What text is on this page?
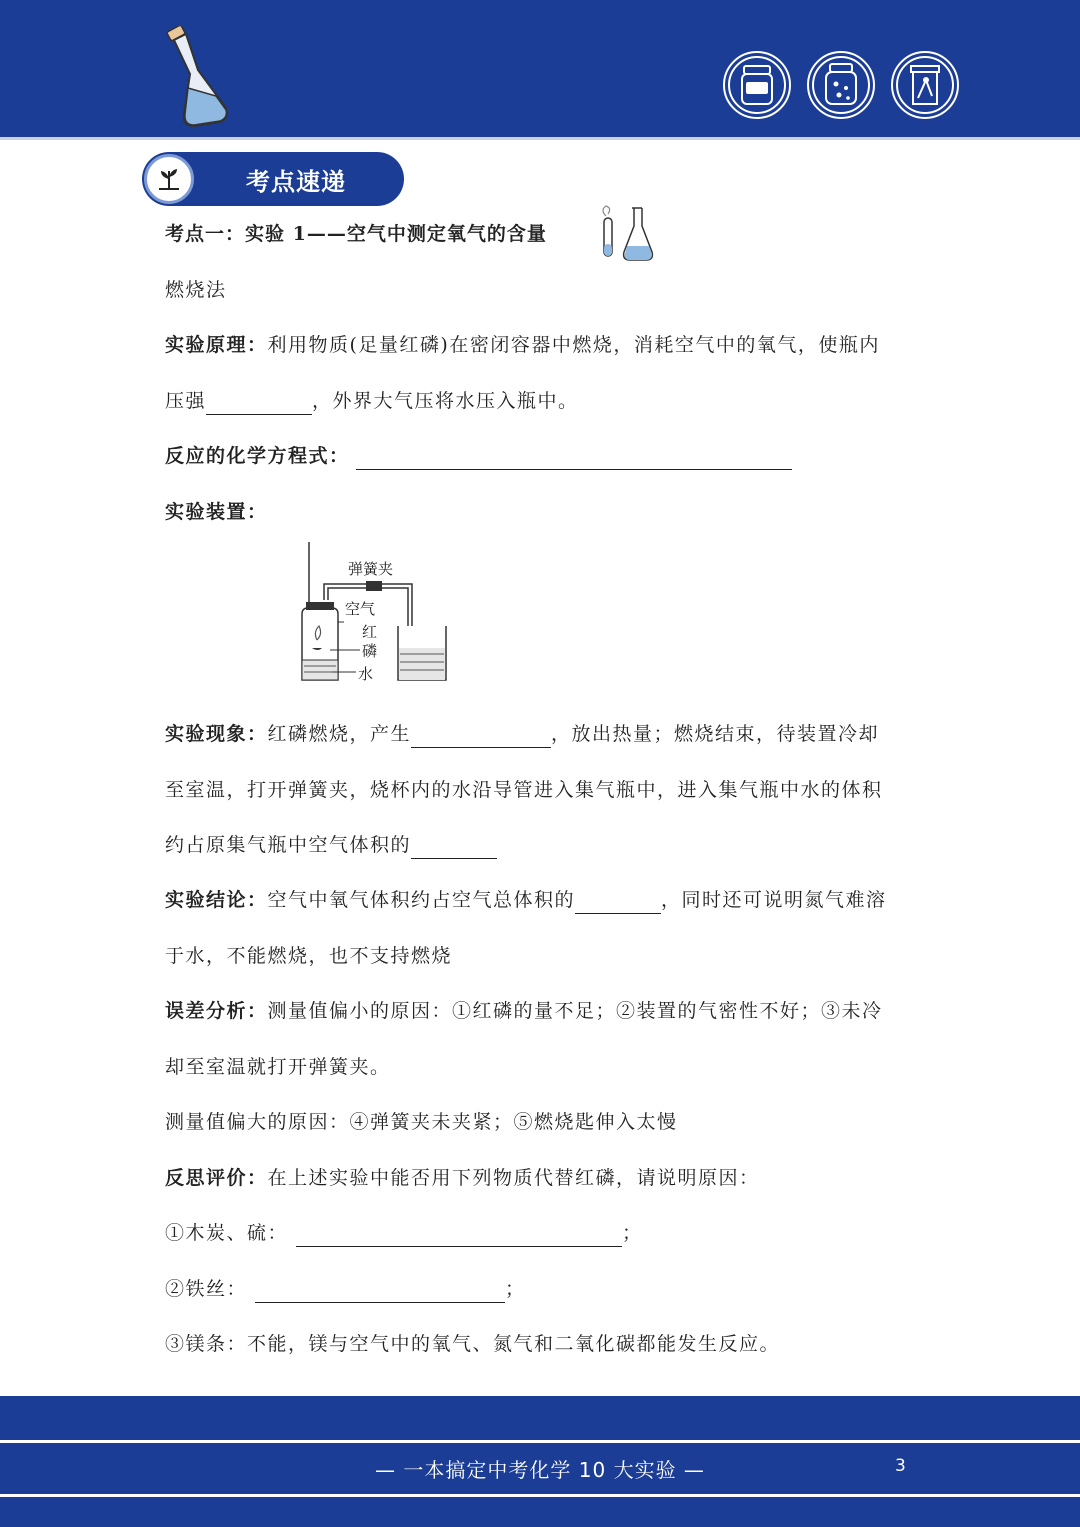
考点速递
考点一：实验 1——空气中测定氧气的含量
燃烧法
实验原理：利用物质(足量红磷)在密闭容器中燃烧，消耗空气中的氧气，使瓶内
压强	，外界大气压将水压入瓶中。
反应的化学方程式：
实验装置：
弹簧夹
空气
红
磷
水
实验现象：红磷燃烧，产生	，放出热量；燃烧结束，待装置冷却
至室温，打开弹簧夹，烧杯内的水沿导管进入集气瓶中，进入集气瓶中水的体积
约占原集气瓶中空气体积的
实验结论：空气中氧气体积约占空气总体积的	，同时还可说明氮气难溶
于水，不能燃烧，也不支持燃烧
误差分析：测量值偏小的原因：①红磷的量不足；②装置的气密性不好；③未冷
却至室温就打开弹簧夹。
测量值偏大的原因：④弹簧夹未夹紧；⑤燃烧匙伸入太慢
反思评价：在上述实验中能否用下列物质代替红磷，请说明原因：
①木炭、硫：	；
②铁丝：	；
③镁条：不能，镁与空气中的氧气、氮气和二氧化碳都能发生反应。
— 一本搞定中考化学 10 大实验 —	3
